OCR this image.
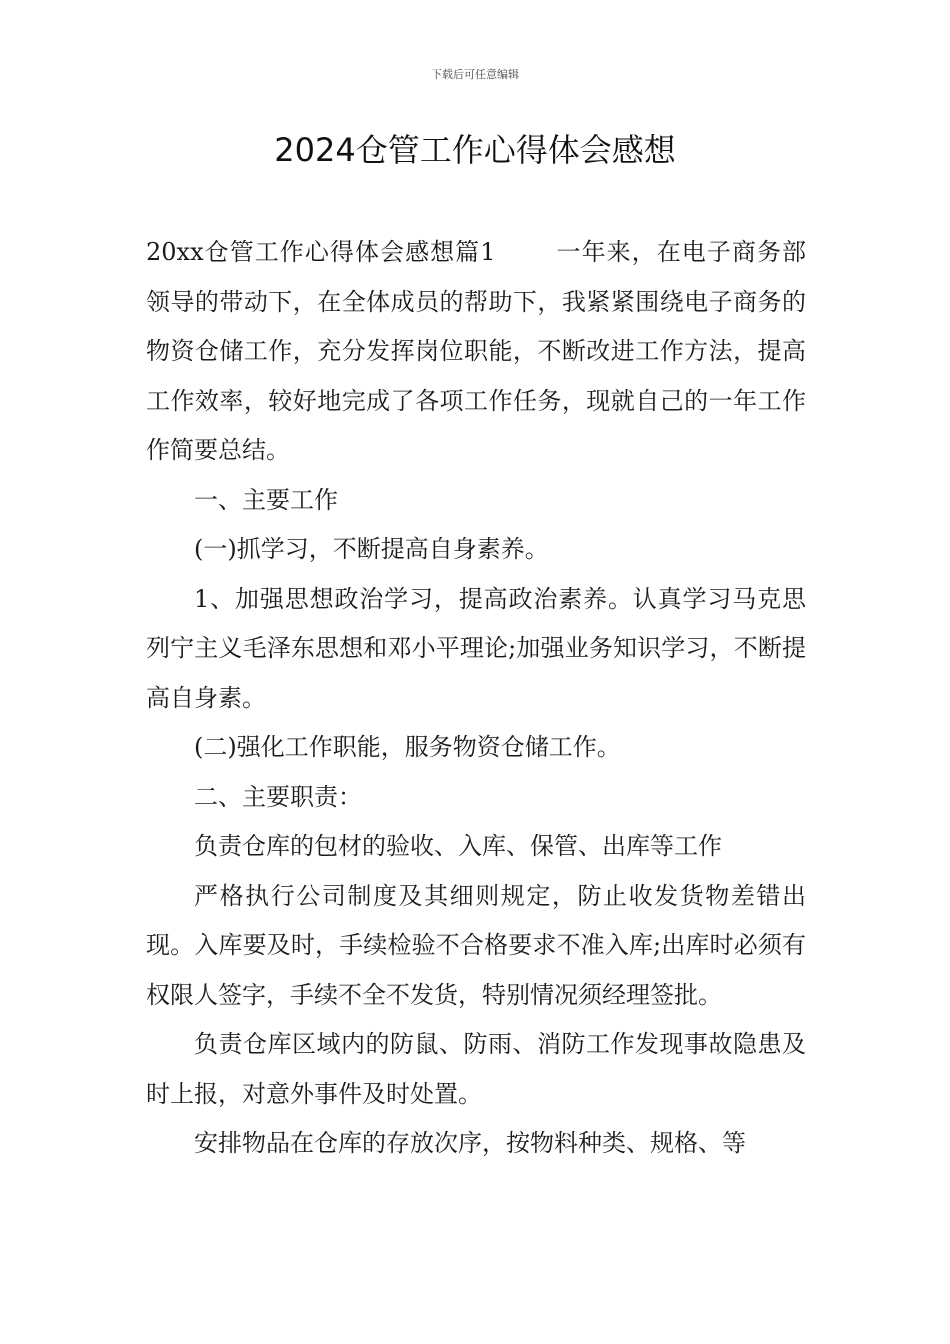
下载后可任意编辑
2024仓管工作心得体会感想

20xx仓管工作心得体会感想篇1	一年来，在电子商务部领导的带动下，在全体成员的帮助下，我紧紧围绕电子商务的物资仓储工作，充分发挥岗位职能，不断改进工作方法，提高工作效率，较好地完成了各项工作任务，现就自己的一年工作作简要总结。

一、主要工作

(一)抓学习，不断提高自身素养。

1、加强思想政治学习，提高政治素养。认真学习马克思列宁主义毛泽东思想和邓小平理论;加强业务知识学习，不断提高自身素。

(二)强化工作职能，服务物资仓储工作。

二、主要职责：

负责仓库的包材的验收、入库、保管、出库等工作

严格执行公司制度及其细则规定，防止收发货物差错出现。入库要及时，手续检验不合格要求不准入库;出库时必须有权限人签字，手续不全不发货，特别情况须经理签批。

负责仓库区域内的防鼠、防雨、消防工作发现事故隐患及时上报，对意外事件及时处置。

安排物品在仓库的存放次序，按物料种类、规格、等
